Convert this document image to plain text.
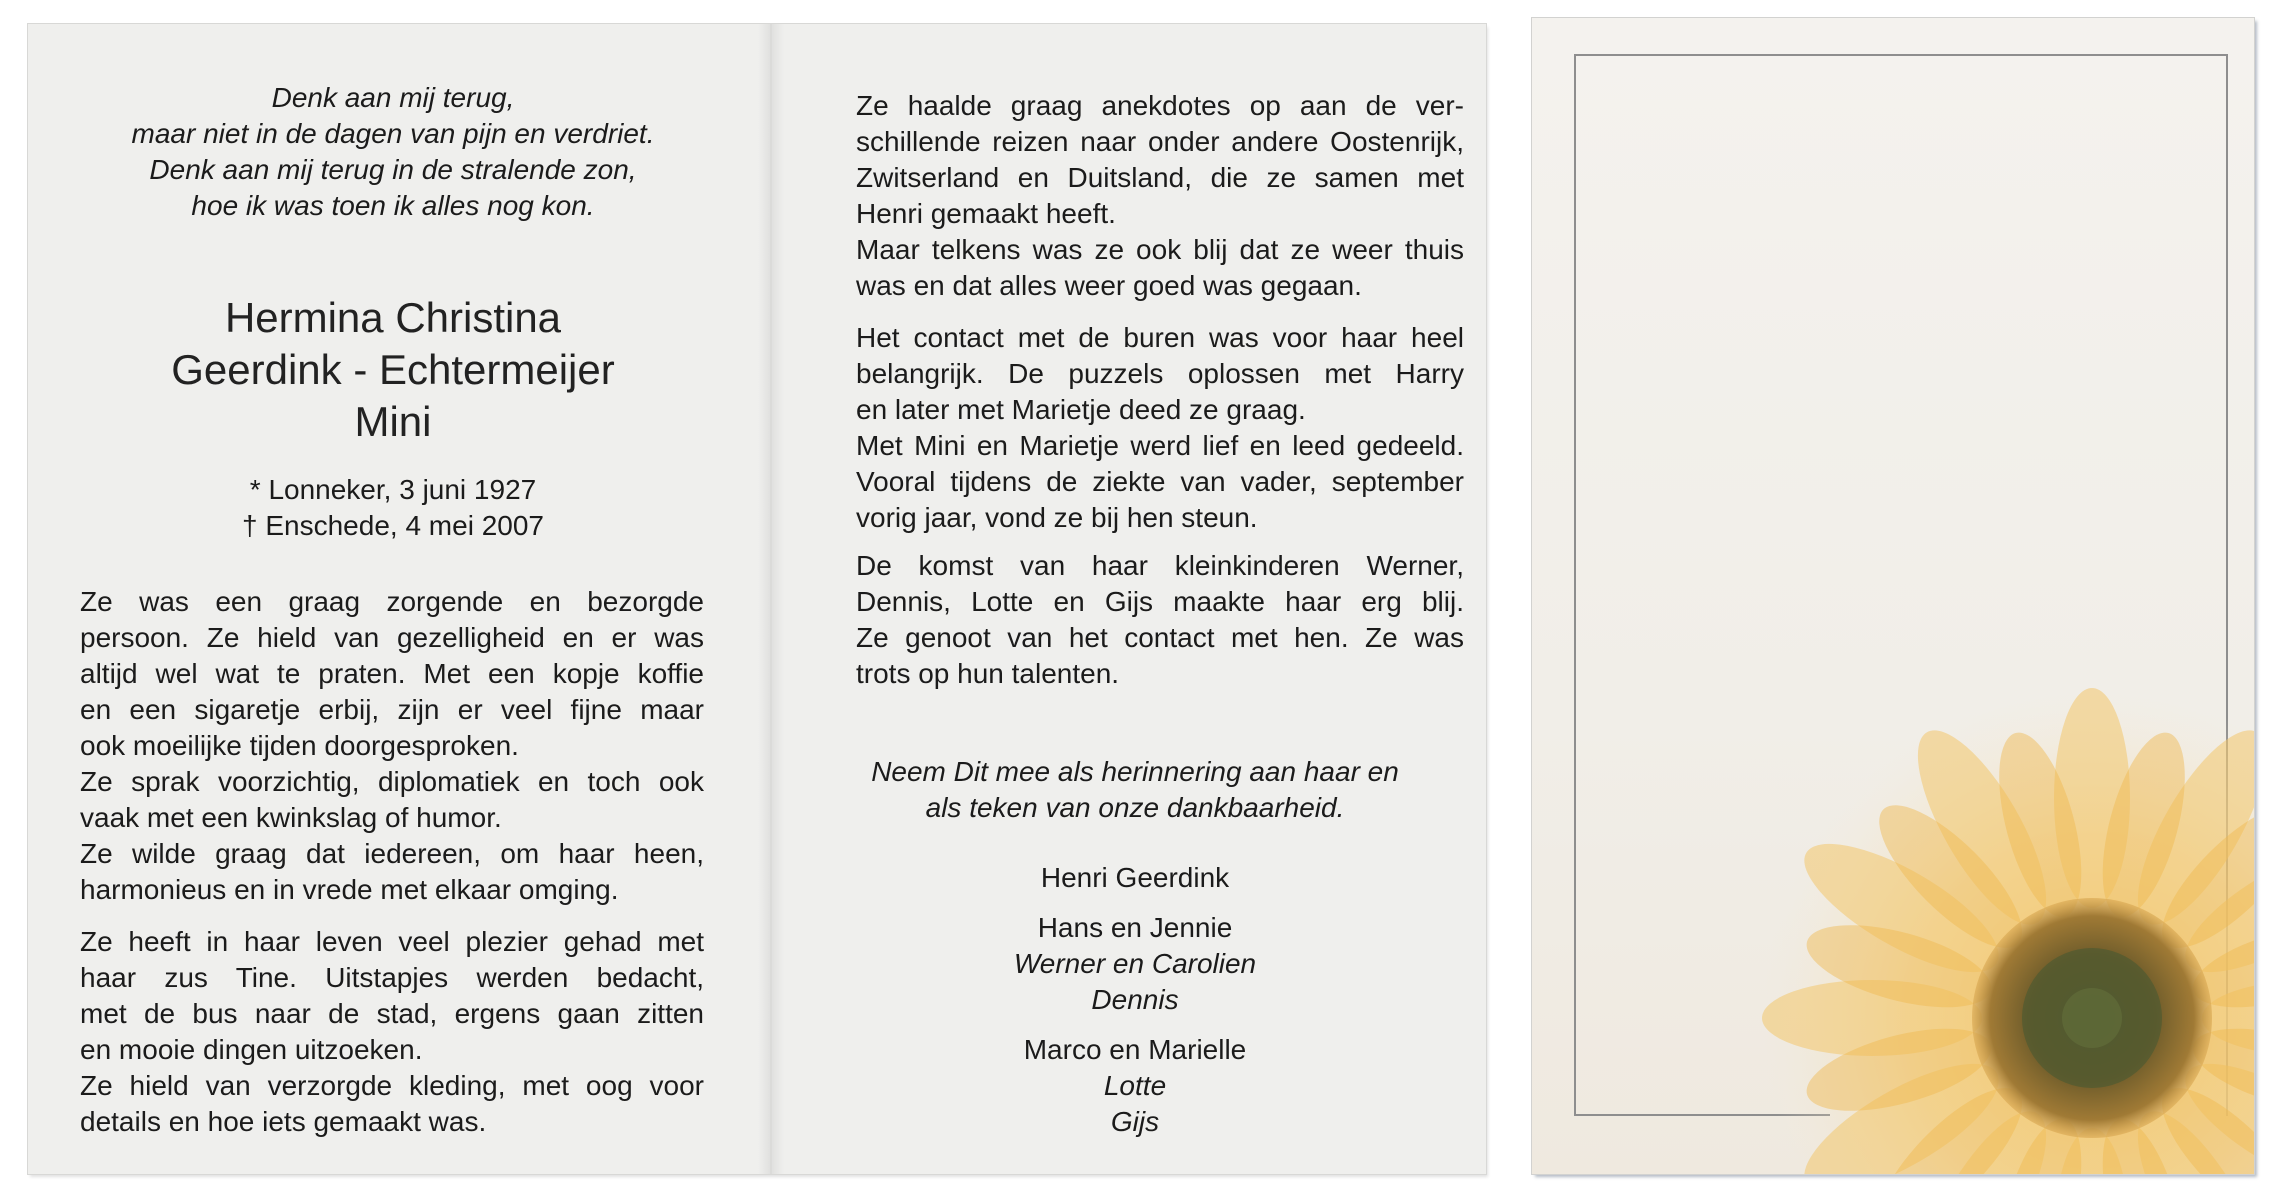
Denk aan mij terug,
maar niet in de dagen van pijn en verdriet.
Denk aan mij terug in de stralende zon,
hoe ik was toen ik alles nog kon.
Hermina Christina
Geerdink - Echtermeijer
Mini
* Lonneker, 3 juni 1927
† Enschede, 4 mei 2007
Ze was een graag zorgende en bezorgde
persoon. Ze hield van gezelligheid en er was
altijd wel wat te praten. Met een kopje koffie
en een sigaretje erbij, zijn er veel fijne maar
ook moeilijke tijden doorgesproken.
Ze sprak voorzichtig, diplomatiek en toch ook
vaak met een kwinkslag of humor.
Ze wilde graag dat iedereen, om haar heen,
harmonieus en in vrede met elkaar omging.
Ze heeft in haar leven veel plezier gehad met
haar zus Tine. Uitstapjes werden bedacht,
met de bus naar de stad, ergens gaan zitten
en mooie dingen uitzoeken.
Ze hield van verzorgde kleding, met oog voor
details en hoe iets gemaakt was.
Ze haalde graag anekdotes op aan de ver-
schillende reizen naar onder andere Oostenrijk,
Zwitserland en Duitsland, die ze samen met
Henri gemaakt heeft.
Maar telkens was ze ook blij dat ze weer thuis
was en dat alles weer goed was gegaan.
Het contact met de buren was voor haar heel
belangrijk. De puzzels oplossen met Harry
en later met Marietje deed ze graag.
Met Mini en Marietje werd lief en leed gedeeld.
Vooral tijdens de ziekte van vader, september
vorig jaar, vond ze bij hen steun.
De komst van haar kleinkinderen Werner,
Dennis, Lotte en Gijs maakte haar erg blij.
Ze genoot van het contact met hen. Ze was
trots op hun talenten.
Neem Dit mee als herinnering aan haar en
als teken van onze dankbaarheid.
Henri Geerdink
Hans en Jennie
Werner en Carolien
Dennis
Marco en Marielle
Lotte
Gijs
